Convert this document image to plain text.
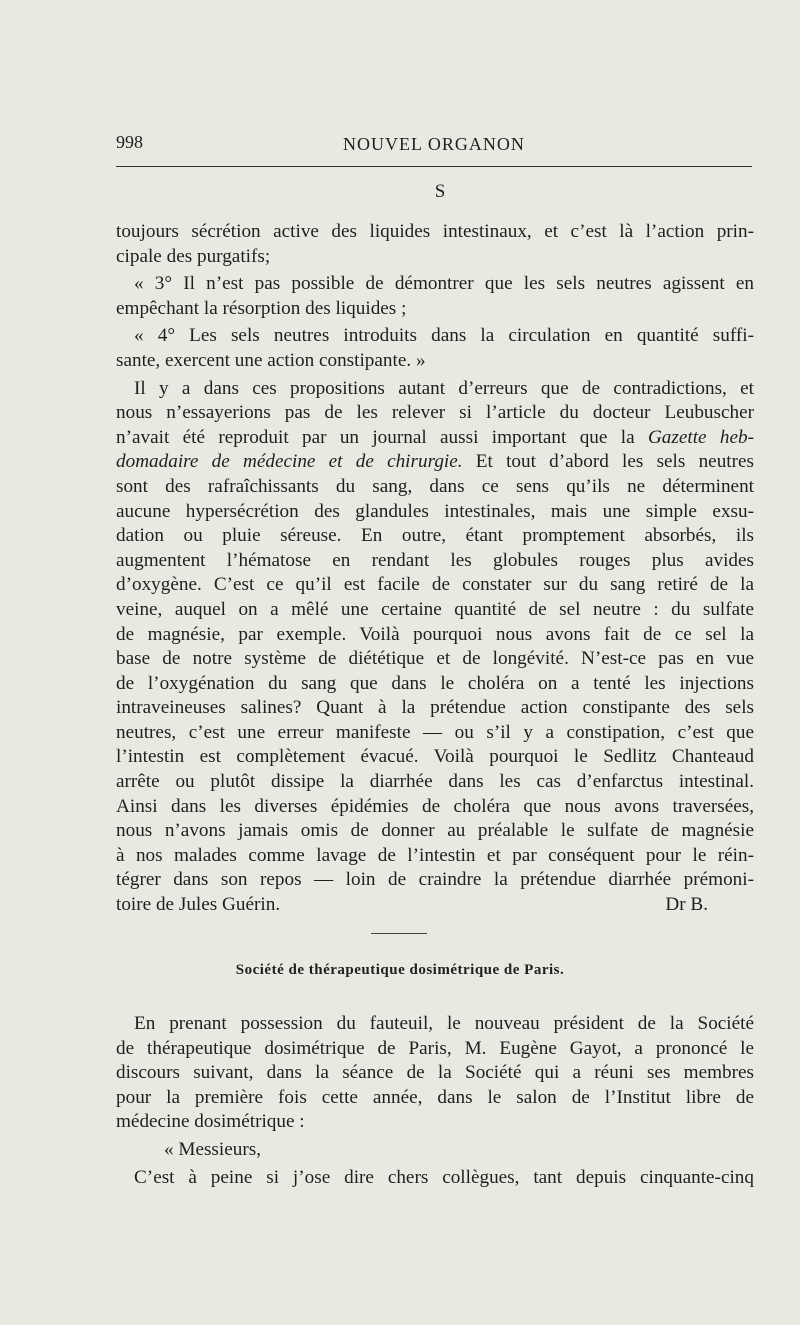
998	NOUVEL ORGANON
S

toujours sécrétion active des liquides intestinaux, et c’est là l’action prin-

cipale des purgatifs;

« 3° Il n’est pas possible de démontrer que les sels neutres agissent en

empêchant la résorption des liquides ;

« 4° Les sels neutres introduits dans la circulation en quantité suffi-

sante, exercent une action constipante. »

Il y a dans ces propositions autant d’erreurs que de contradictions, et

nous n’essayerions pas de les relever si l’article du docteur Leubuscher

n’avait été reproduit par un journal aussi important que la Gazette heb-

domadaire de médecine et de chirurgie. Et tout d’abord les sels neutres

sont des rafraîchissants du sang, dans ce sens qu’ils ne déterminent

aucune hypersécrétion des glandules intestinales, mais une simple exsu-

dation ou pluie séreuse. En outre, étant promptement absorbés, ils

augmentent l’hématose en rendant les globules rouges plus avides

d’oxygène. C’est ce qu’il est facile de constater sur du sang retiré de la

veine, auquel on a mêlé une certaine quantité de sel neutre : du sulfate

de magnésie, par exemple. Voilà pourquoi nous avons fait de ce sel la

base de notre système de diététique et de longévité. N’est-ce pas en vue

de l’oxygénation du sang que dans le choléra on a tenté les injections

intraveineuses salines? Quant à la prétendue action constipante des sels

neutres, c’est une erreur manifeste — ou s’il y a constipation, c’est que

l’intestin est complètement évacué. Voilà pourquoi le Sedlitz Chanteaud

arrête ou plutôt dissipe la diarrhée dans les cas d’enfarctus intestinal.

Ainsi dans les diverses épidémies de choléra que nous avons traversées,

nous n’avons jamais omis de donner au préalable le sulfate de magnésie

à nos malades comme lavage de l’intestin et par conséquent pour le réin-

tégrer dans son repos — loin de craindre la prétendue diarrhée prémoni-

toire de Jules Guérin.	Dr B.

Société de thérapeutique dosimétrique de Paris.

En prenant possession du fauteuil, le nouveau président de la Société

de thérapeutique dosimétrique de Paris, M. Eugène Gayot, a prononcé le

discours suivant, dans la séance de la Société qui a réuni ses membres

pour la première fois cette année, dans le salon de l’Institut libre de

médecine dosimétrique :

« Messieurs,

C’est à peine si j’ose dire chers collègues, tant depuis cinquante-cinq
